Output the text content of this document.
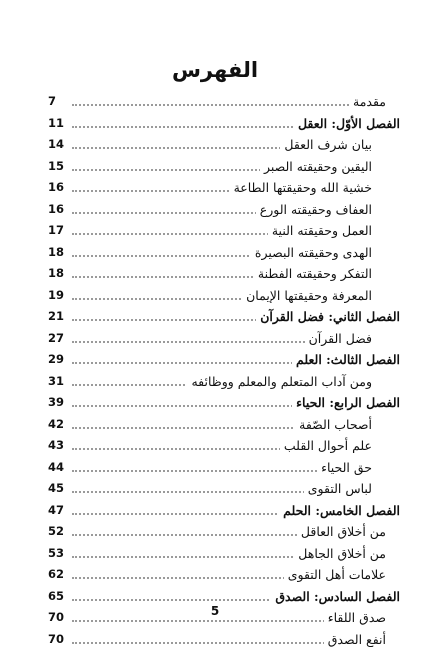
الفهرس
7	مقدمة
11	الفصل الأوّل: العقل
14	بيان شرف العقل
15	اليقين وحقيقته الصبر
16	خشية الله وحقيقتها الطاعة
16	العفاف وحقيقته الورع
17	العمل وحقيقته النية
18	الهدى وحقيقته البصيرة
18	التفكر وحقيقته الفطنة
19	المعرفة وحقيقتها الإيمان
21	الفصل الثاني: فضل القرآن
27	فضل القرآن
29	الفصل الثالث: العلم
31	ومن آداب المتعلم والمعلم ووظائفه
39	الفصل الرابع: الحياء
42	أصحاب الصّفة
43	علم أحوال القلب
44	حق الحياء
45	لباس التقوى
47	الفصل الخامس: الحلم
52	من أخلاق العاقل
53	من أخلاق الجاهل
62	علامات أهل التقوى
65	الفصل السادس: الصدق
70	صدق اللقاء
70	أنفع الصدق
5
